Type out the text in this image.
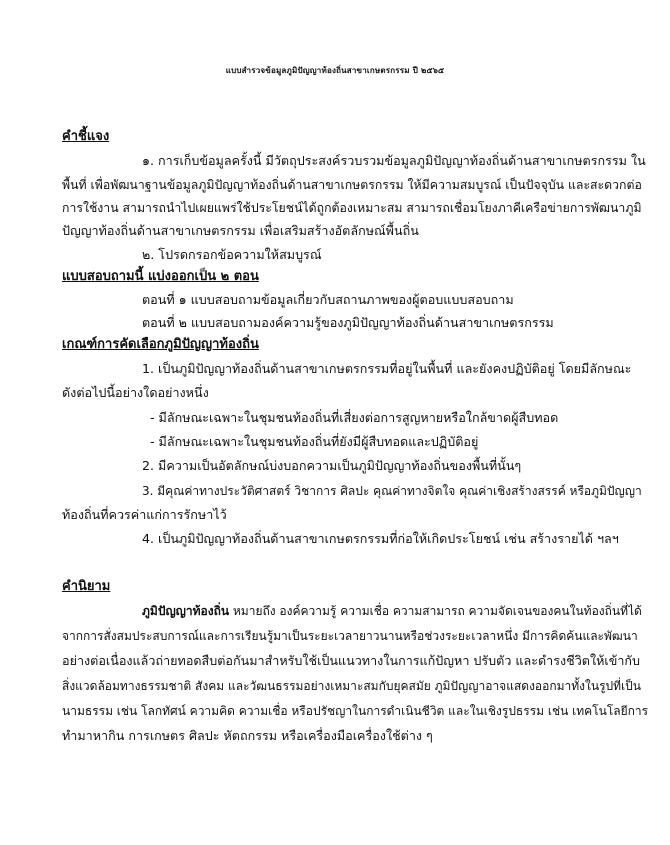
แบบสำรวจข้อมูลภูมิปัญญาท้องถิ่นสาขาเกษตรกรรม ปี ๒๕๖๕
คำชี้แจง
๑. การเก็บข้อมูลครั้งนี้ มีวัตถุประสงค์รวบรวมข้อมูลภูมิปัญญาท้องถิ่นด้านสาขาเกษตรกรรม ใน
พื้นที่ เพื่อพัฒนาฐานข้อมูลภูมิปัญญาท้องถิ่นด้านสาขาเกษตรกรรม ให้มีความสมบูรณ์ เป็นปัจจุบัน และสะดวกต่อ
การใช้งาน สามารถนำไปเผยแพร่ใช้ประโยชน์ได้ถูกต้องเหมาะสม สามารถเชื่อมโยงภาคีเครือข่ายการพัฒนาภูมิ
ปัญญาท้องถิ่นด้านสาขาเกษตรกรรม เพื่อเสริมสร้างอัตลักษณ์พื้นถิ่น
๒. โปรดกรอกข้อความให้สมบูรณ์
แบบสอบถามนี้ แบ่งออกเป็น ๒ ตอน
ตอนที่ ๑ แบบสอบถามข้อมูลเกี่ยวกับสถานภาพของผู้ตอบแบบสอบถาม
ตอนที่ ๒ แบบสอบถามองค์ความรู้ของภูมิปัญญาท้องถิ่นด้านสาขาเกษตรกรรม
เกณฑ์การคัดเลือกภูมิปัญญาท้องถิ่น
1. เป็นภูมิปัญญาท้องถิ่นด้านสาขาเกษตรกรรมที่อยู่ในพื้นที่ และยังคงปฏิบัติอยู่ โดยมีลักษณะ
ดังต่อไปนี้อย่างใดอย่างหนึ่ง
- มีลักษณะเฉพาะในชุมชนท้องถิ่นที่เสี่ยงต่อการสูญหายหรือใกล้ขาดผู้สืบทอด
- มีลักษณะเฉพาะในชุมชนท้องถิ่นที่ยังมีผู้สืบทอดและปฏิบัติอยู่
2. มีความเป็นอัตลักษณ์บ่งบอกความเป็นภูมิปัญญาท้องถิ่นของพื้นที่นั้นๆ
3. มีคุณค่าทางประวัติศาสตร์ วิชาการ ศิลปะ คุณค่าทางจิตใจ คุณค่าเชิงสร้างสรรค์ หรือภูมิปัญญา
ท้องถิ่นที่ควรค่าแก่การรักษาไว้
4. เป็นภูมิปัญญาท้องถิ่นด้านสาขาเกษตรกรรมที่ก่อให้เกิดประโยชน์ เช่น สร้างรายได้ ฯลฯ
คำนิยาม
ภูมิปัญญาท้องถิ่น หมายถึง องค์ความรู้ ความเชื่อ ความสามารถ ความจัดเจนของคนในท้องถิ่นที่ได้
จากการสั่งสมประสบการณ์และการเรียนรู้มาเป็นระยะเวลายาวนานหรือช่วงระยะเวลาหนึ่ง มีการคิดค้นและพัฒนา
อย่างต่อเนื่องแล้วถ่ายทอดสืบต่อกันมาสำหรับใช้เป็นแนวทางในการแก้ปัญหา ปรับตัว และดำรงชีวิตให้เข้ากับ
สิ่งแวดล้อมทางธรรมชาติ สังคม และวัฒนธรรมอย่างเหมาะสมกับยุคสมัย ภูมิปัญญาอาจแสดงออกมาทั้งในรูปที่เป็น
นามธรรม เช่น โลกทัศน์ ความคิด ความเชื่อ หรือปรัชญาในการดำเนินชีวิต และในเชิงรูปธรรม เช่น เทคโนโลยีการ
ทำมาหากิน การเกษตร ศิลปะ หัตถกรรม หรือเครื่องมือเครื่องใช้ต่าง ๆ
